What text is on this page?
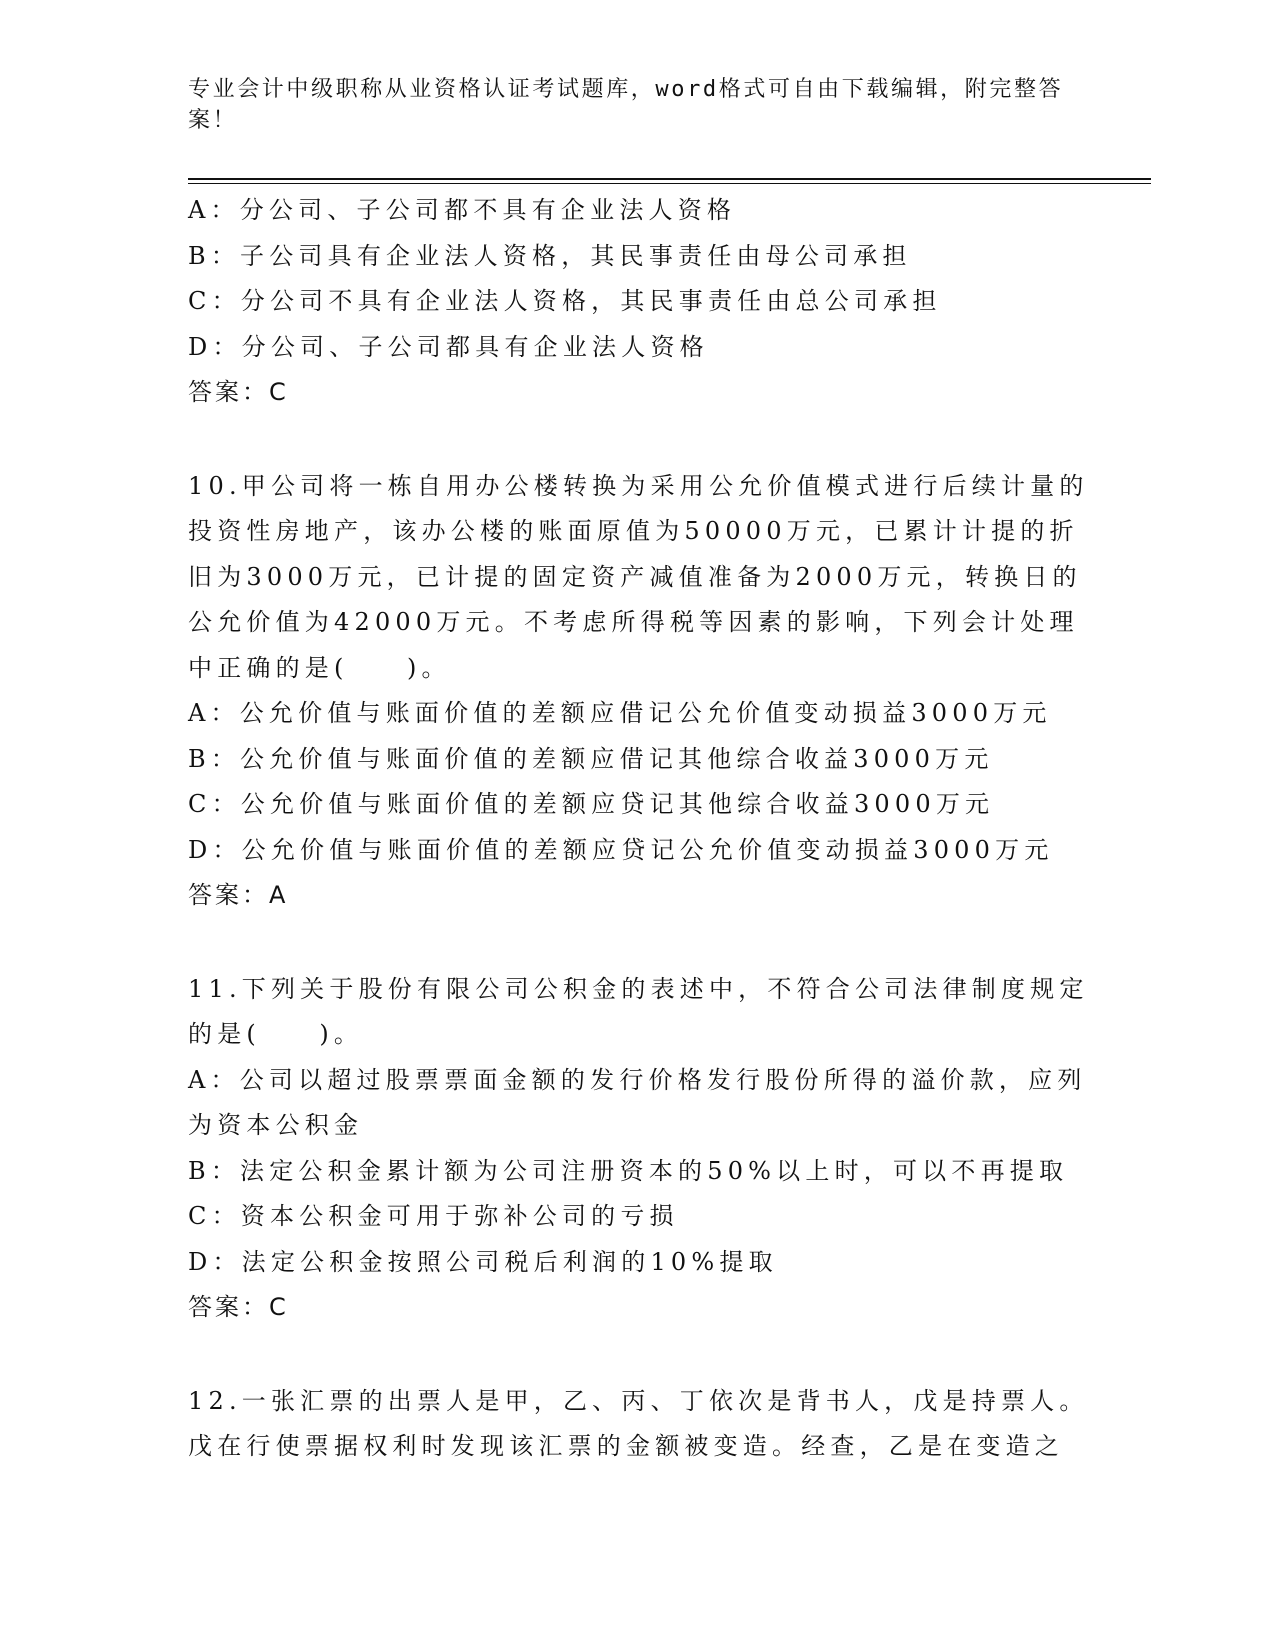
专业会计中级职称从业资格认证考试题库，word格式可自由下载编辑，附完整答案！
A：分公司、子公司都不具有企业法人资格
B：子公司具有企业法人资格，其民事责任由母公司承担
C：分公司不具有企业法人资格，其民事责任由总公司承担
D：分公司、子公司都具有企业法人资格
答案：C
10.甲公司将一栋自用办公楼转换为采用公允价值模式进行后续计量的
投资性房地产，该办公楼的账面原值为50000万元，已累计计提的折
旧为3000万元，已计提的固定资产减值准备为2000万元，转换日的
公允价值为42000万元。不考虑所得税等因素的影响，下列会计处理
中正确的是(　　)。
A：公允价值与账面价值的差额应借记公允价值变动损益3000万元
B：公允价值与账面价值的差额应借记其他综合收益3000万元
C：公允价值与账面价值的差额应贷记其他综合收益3000万元
D：公允价值与账面价值的差额应贷记公允价值变动损益3000万元
答案：A
11.下列关于股份有限公司公积金的表述中，不符合公司法律制度规定
的是(　　)。
A：公司以超过股票票面金额的发行价格发行股份所得的溢价款，应列
为资本公积金
B：法定公积金累计额为公司注册资本的50%以上时，可以不再提取
C：资本公积金可用于弥补公司的亏损
D：法定公积金按照公司税后利润的10%提取
答案：C
12.一张汇票的出票人是甲，乙、丙、丁依次是背书人，戊是持票人。
戊在行使票据权利时发现该汇票的金额被变造。经查，乙是在变造之
